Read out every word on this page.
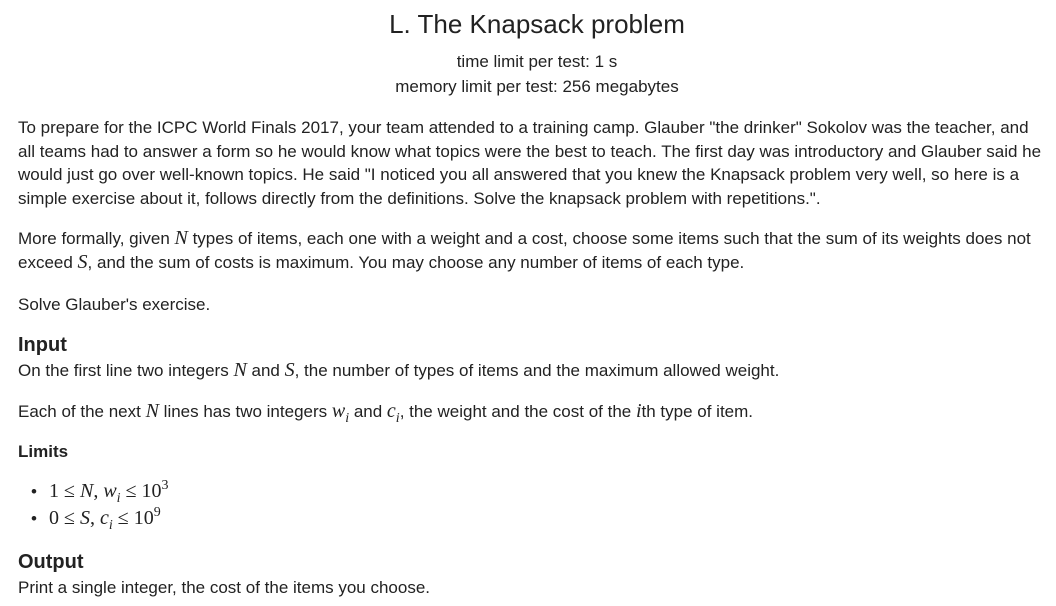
L. The Knapsack problem
time limit per test: 1 s
memory limit per test: 256 megabytes

To prepare for the ICPC World Finals 2017, your team attended to a training camp. Glauber "the drinker" Sokolov was the teacher, and all teams had to answer a form so he would know what topics were the best to teach. The first day was introductory and Glauber said he would just go over well-known topics. He said "I noticed you all answered that you knew the Knapsack problem very well, so here is a simple exercise about it, follows directly from the definitions. Solve the knapsack problem with repetitions.".

More formally, given N types of items, each one with a weight and a cost, choose some items such that the sum of its weights does not exceed S, and the sum of costs is maximum. You may choose any number of items of each type.

Solve Glauber's exercise.

Input

On the first line two integers N and S, the number of types of items and the maximum allowed weight.

Each of the next N lines has two integers $w_i$ and $c_i$, the weight and the cost of the ith type of item.

Limits
• 1 ≤ N, $w_i \le 10^3$
• 0 ≤ S, $c_i \le 10^9$
Output

Print a single integer, the cost of the items you choose.
